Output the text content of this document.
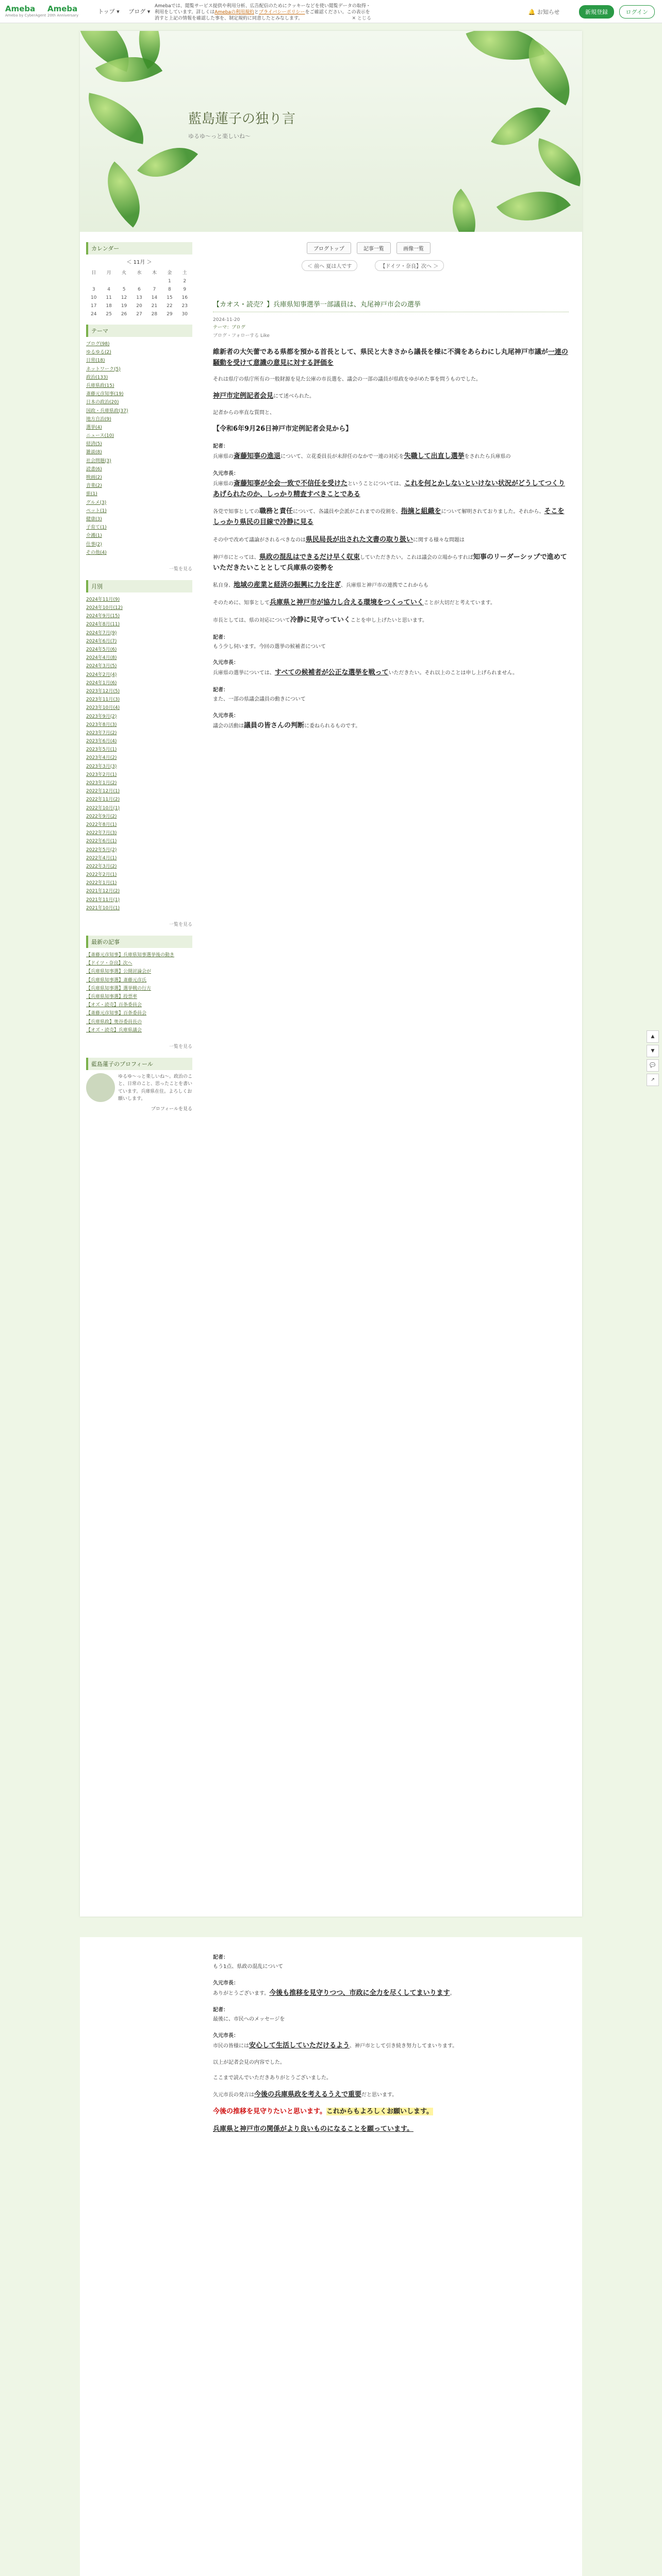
Ameba
Ameba by CyberAgent
Ameba
20th Anniversary
トップ ▾ ブログ ▾
Amebaでは、閲覧サービス提供や利用分析、広告配信のためにクッキーなどを使い閲覧データの取得・利用をしています。詳しくはAmebaの利用規約とプライバシーポリシーをご確認ください。この表示を消すと上記の情報を確認した事を、制定規約に同意したとみなします。	✕ とじる
🔔 お知らせ	新規登録	ログイン
藍島蓮子の独り言
ゆるゆ〜っと楽しいね〜
ブログトップ	記事一覧	画像一覧
＜ 前へ 夏は人です	【ドイツ・奈良】次へ ＞
カレンダー
＜ 11月 ＞
日	月	火	水	木	金	土
					1	2
3	4	5	6	7	8	9
10	11	12	13	14	15	16
17	18	19	20	21	22	23
24	25	26	27	28	29	30
テーマ
ブログ(98)
ゆるゆる(2)
日常(18)
ネットワーク(5)
政治(133)
兵庫県政(15)
斎藤元彦知事(19)
日本の政治(20)
国政・兵庫県政(37)
地方自治(9)
選挙(4)
ニュース(10)
経済(5)
雑談(8)
社会問題(3)
読書(6)
映画(2)
音楽(2)
旅(1)
グルメ(3)
ペット(1)
健康(3)
子育て(1)
介護(1)
仕事(2)
その他(4)
一覧を見る
月別
2024年11月(9)
2024年10月(12)
2024年9月(15)
2024年8月(11)
2024年7月(9)
2024年6月(7)
2024年5月(6)
2024年4月(8)
2024年3月(5)
2024年2月(4)
2024年1月(6)
2023年12月(5)
2023年11月(3)
2023年10月(4)
2023年9月(2)
2023年8月(3)
2023年7月(2)
2023年6月(4)
2023年5月(1)
2023年4月(2)
2023年3月(3)
2023年2月(1)
2023年1月(2)
2022年12月(1)
2022年11月(2)
2022年10月(1)
2022年9月(2)
2022年8月(1)
2022年7月(3)
2022年6月(1)
2022年5月(2)
2022年4月(1)
2022年3月(2)
2022年2月(1)
2022年1月(1)
2021年12月(2)
2021年11月(1)
2021年10月(1)
一覧を見る
最新の記事
【斎藤元彦知事】兵庫県知事選挙後の動き
【ドイツ・奈良】次へ
【兵庫県知事選】公開討論会が
【兵庫県知事選】斎藤元彦氏
【兵庫県知事選】選挙戦の行方
【兵庫県知事選】投票率
【オズ・読売】百条委員会
【斎藤元彦知事】百条委員会
【兵庫県政】奥谷委員長の
【オズ・読売】兵庫県議会
一覧を見る
藍島蓮子のプロフィール
ゆるゆ〜っと楽しいね〜。政治のこと、日常のこと、思ったことを書いています。兵庫県在住。よろしくお願いします。
プロフィールを見る
【カオス・読売？】兵庫県知事選挙一部議員は、丸尾神戸市会の選挙
2024-11-20
テーマ：ブログ
ブログ・フォローする Like

維新者の大矢蕾である県都を預かる首長として、県民と大きさから議長を様に不満をあらわにし丸尾神戸市議が一連の騒動を受けて意識の意見に対する評価を

それは県庁の県庁所有の一般財源を見た公庫の市長選を、議会の一部の議員が県政をゆがめた事を問うものでした。

神戸市定例記者会見にて述べられた。

記者からの率直な質問と、

【令和6年9月26日神戸市定例記者会見から】

記者：

兵庫県の斎藤知事の進退について、立花委員長が未辞任のなかで一連の対応を失職して出直し選挙をされたら兵庫県の

久元市長：

兵庫県の斎藤知事が全会一致で不信任を受けたということについては、これを何とかしないといけない状況がどうしてつくりあげられたのか、しっかり精査すべきことである

各党で知事としての職務と責任について、各議員や会派がこれまでの役割を、指摘と組織をについて解明されておりました。それから、そこをしっかり県民の目線で冷静に見る

その中で改めて議論がされるべきなのは県民局長が出された文書の取り扱いに関する様々な問題は

神戸市にとっては、県政の混乱はできるだけ早く収束していただきたい。これは議会の立場からすれば知事のリーダーシップで進めていただきたいこととして兵庫県の姿勢を

私自身、地域の産業と経済の振興に力を注ぎ、兵庫県と神戸市の連携でこれからも

そのために、知事として兵庫県と神戸市が協力し合える環境をつくっていくことが大切だと考えています。

市長としては、県の対応について冷静に見守っていくことを申し上げたいと思います。

記者：

もう少し伺います。今回の選挙の候補者について

久元市長：

兵庫県の選挙については、すべての候補者が公正な選挙を戦っていただきたい。それ以上のことは申し上げられません。

記者：

また、一部の県議会議員の動きについて

久元市長：

議会の活動は議員の皆さんの判断に委ねられるものです。

記者：

もう1点、県政の混乱について

久元市長：

ありがとうございます。今後も推移を見守りつつ、市政に全力を尽くしてまいります。

記者：

最後に、市民へのメッセージを

久元市長：

市民の皆様には安心して生活していただけるよう、神戸市として引き続き努力してまいります。

以上が記者会見の内容でした。

ここまで読んでいただきありがとうございました。

久元市長の発言は今後の兵庫県政を考えるうえで重要だと思います。

今後の推移を見守りたいと思います。これからもよろしくお願いします。

兵庫県と神戸市の関係がより良いものになることを願っています。

▲
▼
💬
↗
